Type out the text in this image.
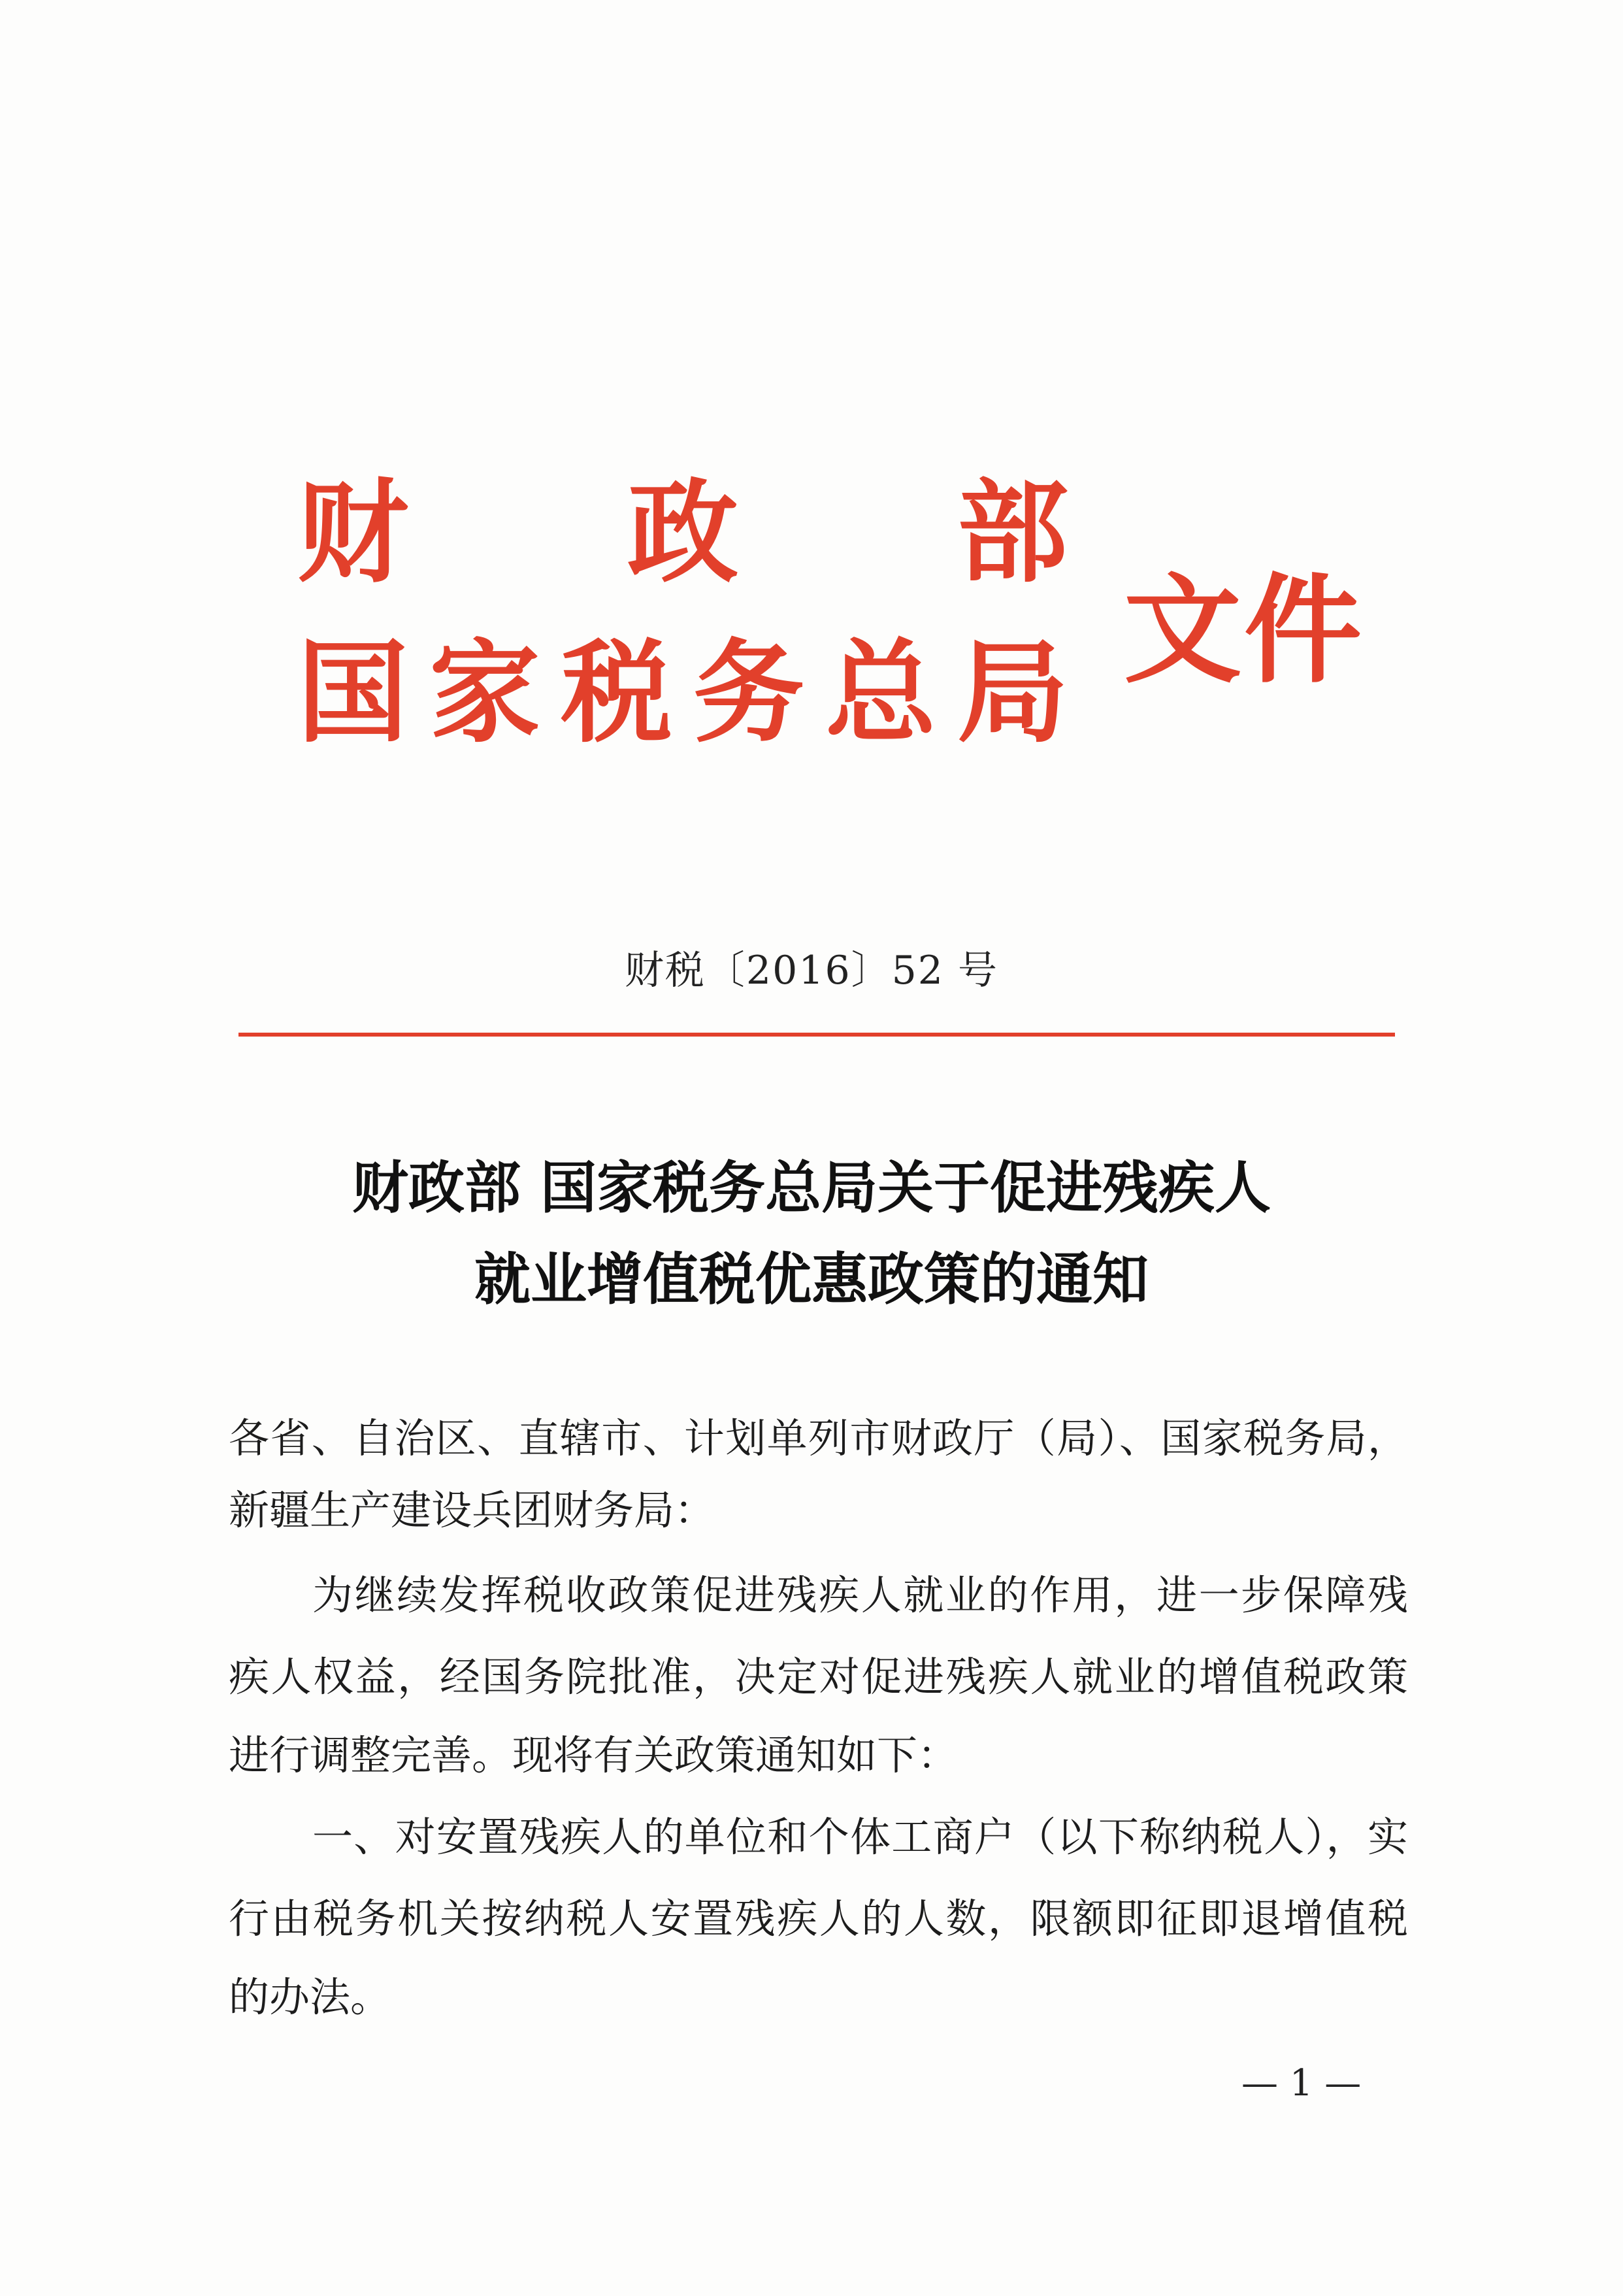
财 政 部
国 家 税 务 总 局 文件
财税〔2016〕52 号
财政部 国家税务总局关于促进残疾人
就业增值税优惠政策的通知

各省、自治区、直辖市、计划单列市财政厅（局）、国家税务局，

新疆生产建设兵团财务局：

为继续发挥税收政策促进残疾人就业的作用，进一步保障残

疾人权益，经国务院批准，决定对促进残疾人就业的增值税政策

进行调整完善。现将有关政策通知如下：

一、对安置残疾人的单位和个体工商户（以下称纳税人），实

行由税务机关按纳税人安置残疾人的人数，限额即征即退增值税

的办法。

— 1 —
